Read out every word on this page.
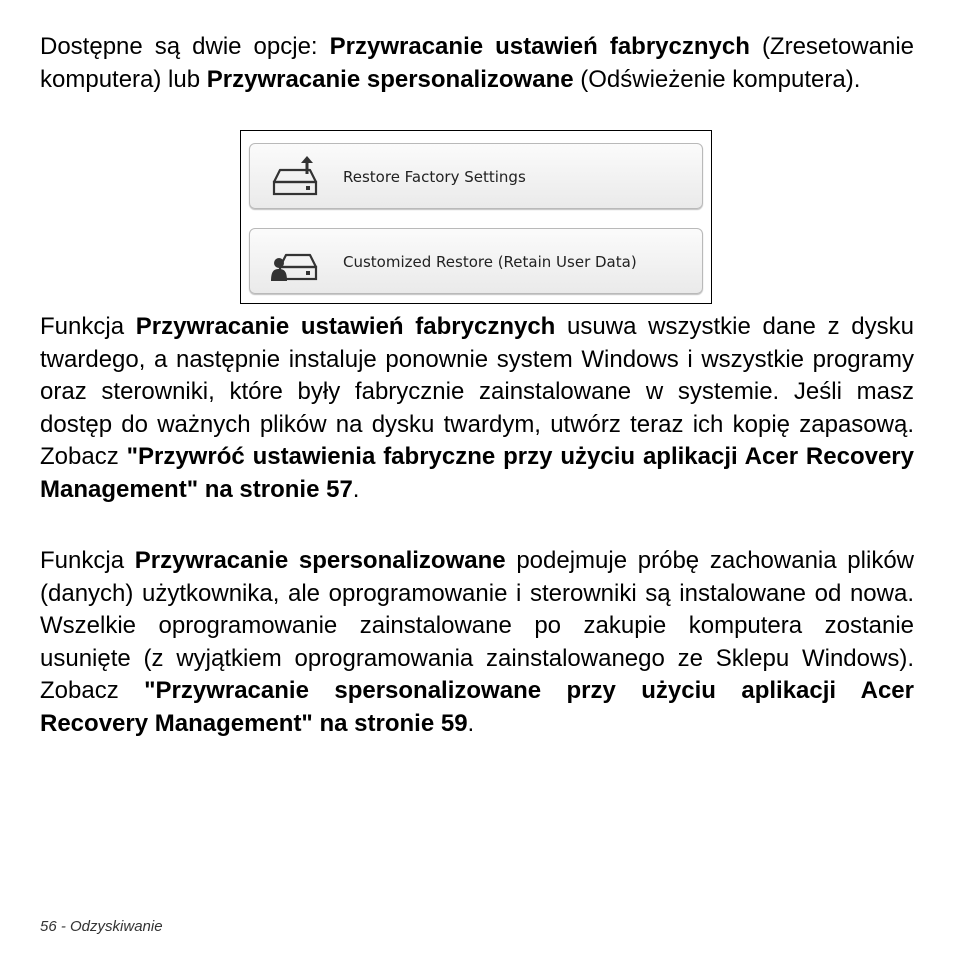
Dostępne są dwie opcje: Przywracanie ustawień fabrycznych (Zresetowanie komputera) lub Przywracanie spersonalizowane (Odświeżenie komputera).

Restore Factory Settings
Customized Restore (Retain User Data)

Funkcja Przywracanie ustawień fabrycznych usuwa wszystkie dane z dysku twardego, a następnie instaluje ponownie system Windows i wszystkie programy oraz sterowniki, które były fabrycznie zainstalowane w systemie. Jeśli masz dostęp do ważnych plików na dysku twardym, utwórz teraz ich kopię zapasową. Zobacz "Przywróć ustawienia fabryczne przy użyciu aplikacji Acer Recovery Management" na stronie 57.

Funkcja Przywracanie spersonalizowane podejmuje próbę zachowania plików (danych) użytkownika, ale oprogramowanie i sterowniki są instalowane od nowa. Wszelkie oprogramowanie zainstalowane po zakupie komputera zostanie usunięte (z wyjątkiem oprogramowania zainstalowanego ze Sklepu Windows). Zobacz "Przywracanie spersonalizowane przy użyciu aplikacji Acer Recovery Management" na stronie 59.

56 - Odzyskiwanie
